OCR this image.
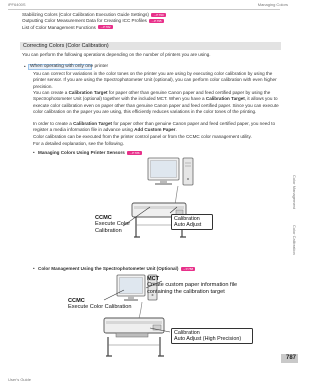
iPF6400S	Managing Colors
Stabilizing Colors (Color Calibration Execution Guide Settings) →P.790
Outputting Color Measurement Data for Creating ICC Profiles →P.795
List of Color Management Functions →P.782
Correcting Colors (Color Calibration)
You can perform the following operations depending on the number of printers you are using.
• When operating with only one printer
You can correct for variations in the color tones on the printer you are using by executing color calibration by using the printer sensor. If you are using the Spectrophotometer Unit (optional), you can perform color calibration with even higher precision.
You can create a Calibration Target for paper other than genuine Canon paper and feed certified paper by using the Spectrophotometer Unit (optional) together with the included MCT. When you have a Calibration Target, it allows you to execute color calibration even on paper other than genuine Canon paper and feed certified paper. Since you can execute color calibration on the paper you are using, this efficiently reduces variations in the color tones of the printing.
In order to create a Calibration Target for paper other than genuine Canon paper and feed certified paper, you need to register a media information file in advance using Add Custom Paper.
Color calibration can be executed from the printer control panel or from the CCMC color management utility.
For a detailed explanation, see the following.
• Managing Colors Using Printer Sensors →P.786
CCMC
Execute Color
Calibration
Calibration
Auto Adjust
• Color Management Using the Spectrophotometer Unit (Optional) →P.788
MCT
Create custom paper information file
containing the calibration target
CCMC
Execute Color Calibration
Calibration
Auto Adjust (High Precision)
Color Management
Color Calibration
787
User's Guide
